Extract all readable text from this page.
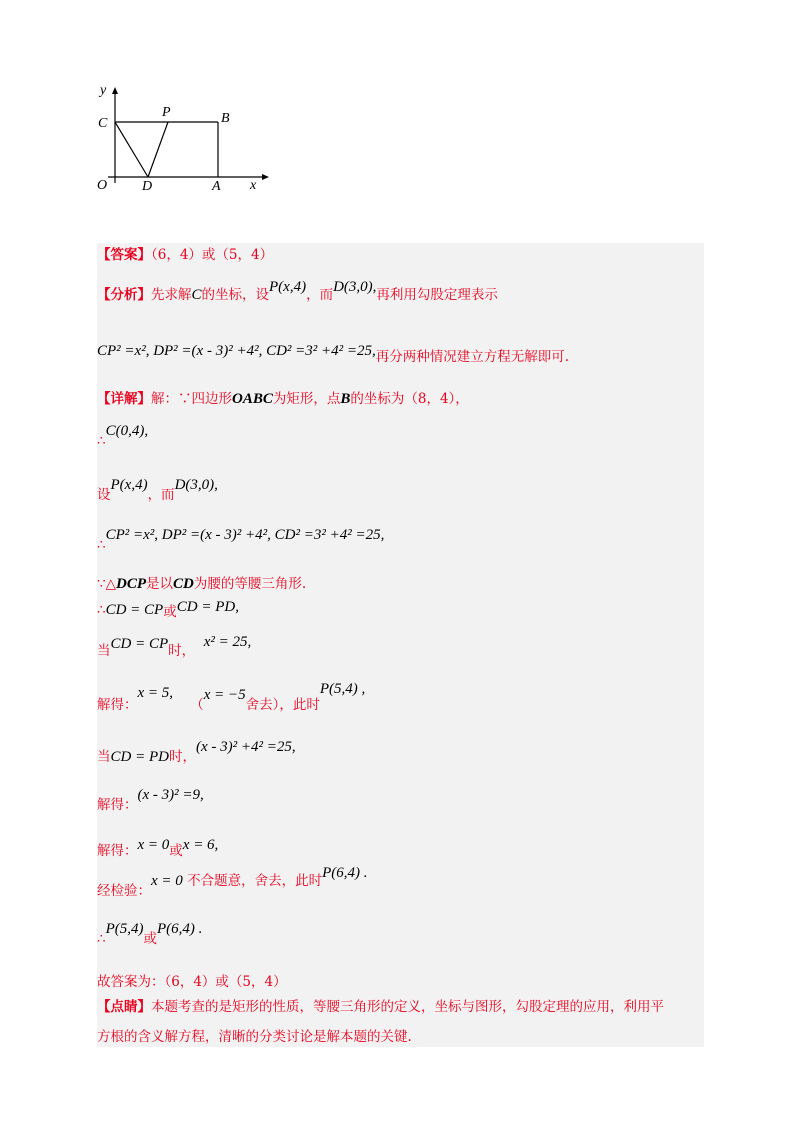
y
C
P	B
O D	A x
【答案】（6，4）或（5，4）
【分析】先求解C的坐标，设P(x,4)，而D(3,0),再利用勾股定理表示
CP² =x², DP² =(x - 3)² +4², CD² =3² +4² =25,再分两种情况建立方程无解即可.
【详解】解：∵四边形OABC为矩形，点B的坐标为（8，4），
∴C(0,4),
设P(x,4)，而D(3,0),
∴CP² =x², DP² =(x - 3)² +4², CD² =3² +4² =25,
∵△DCP是以CD为腰的等腰三角形.
∴CD = CP或CD = PD,
当CD = CP时，  x² = 25,
解得：x = 5,    （x = −5舍去），此时P(5,4) ,
当CD = PD时，(x - 3)² +4² =25,
解得：(x - 3)² =9,
解得：x = 0或x = 6,
经检验：x = 0 不合题意，舍去，此时P(6,4) .
∴P(5,4)或P(6,4) .
故答案为：（6，4）或（5，4）
【点睛】本题考查的是矩形的性质，等腰三角形的定义，坐标与图形，勾股定理的应用，利用平
方根的含义解方程，清晰的分类讨论是解本题的关键.
